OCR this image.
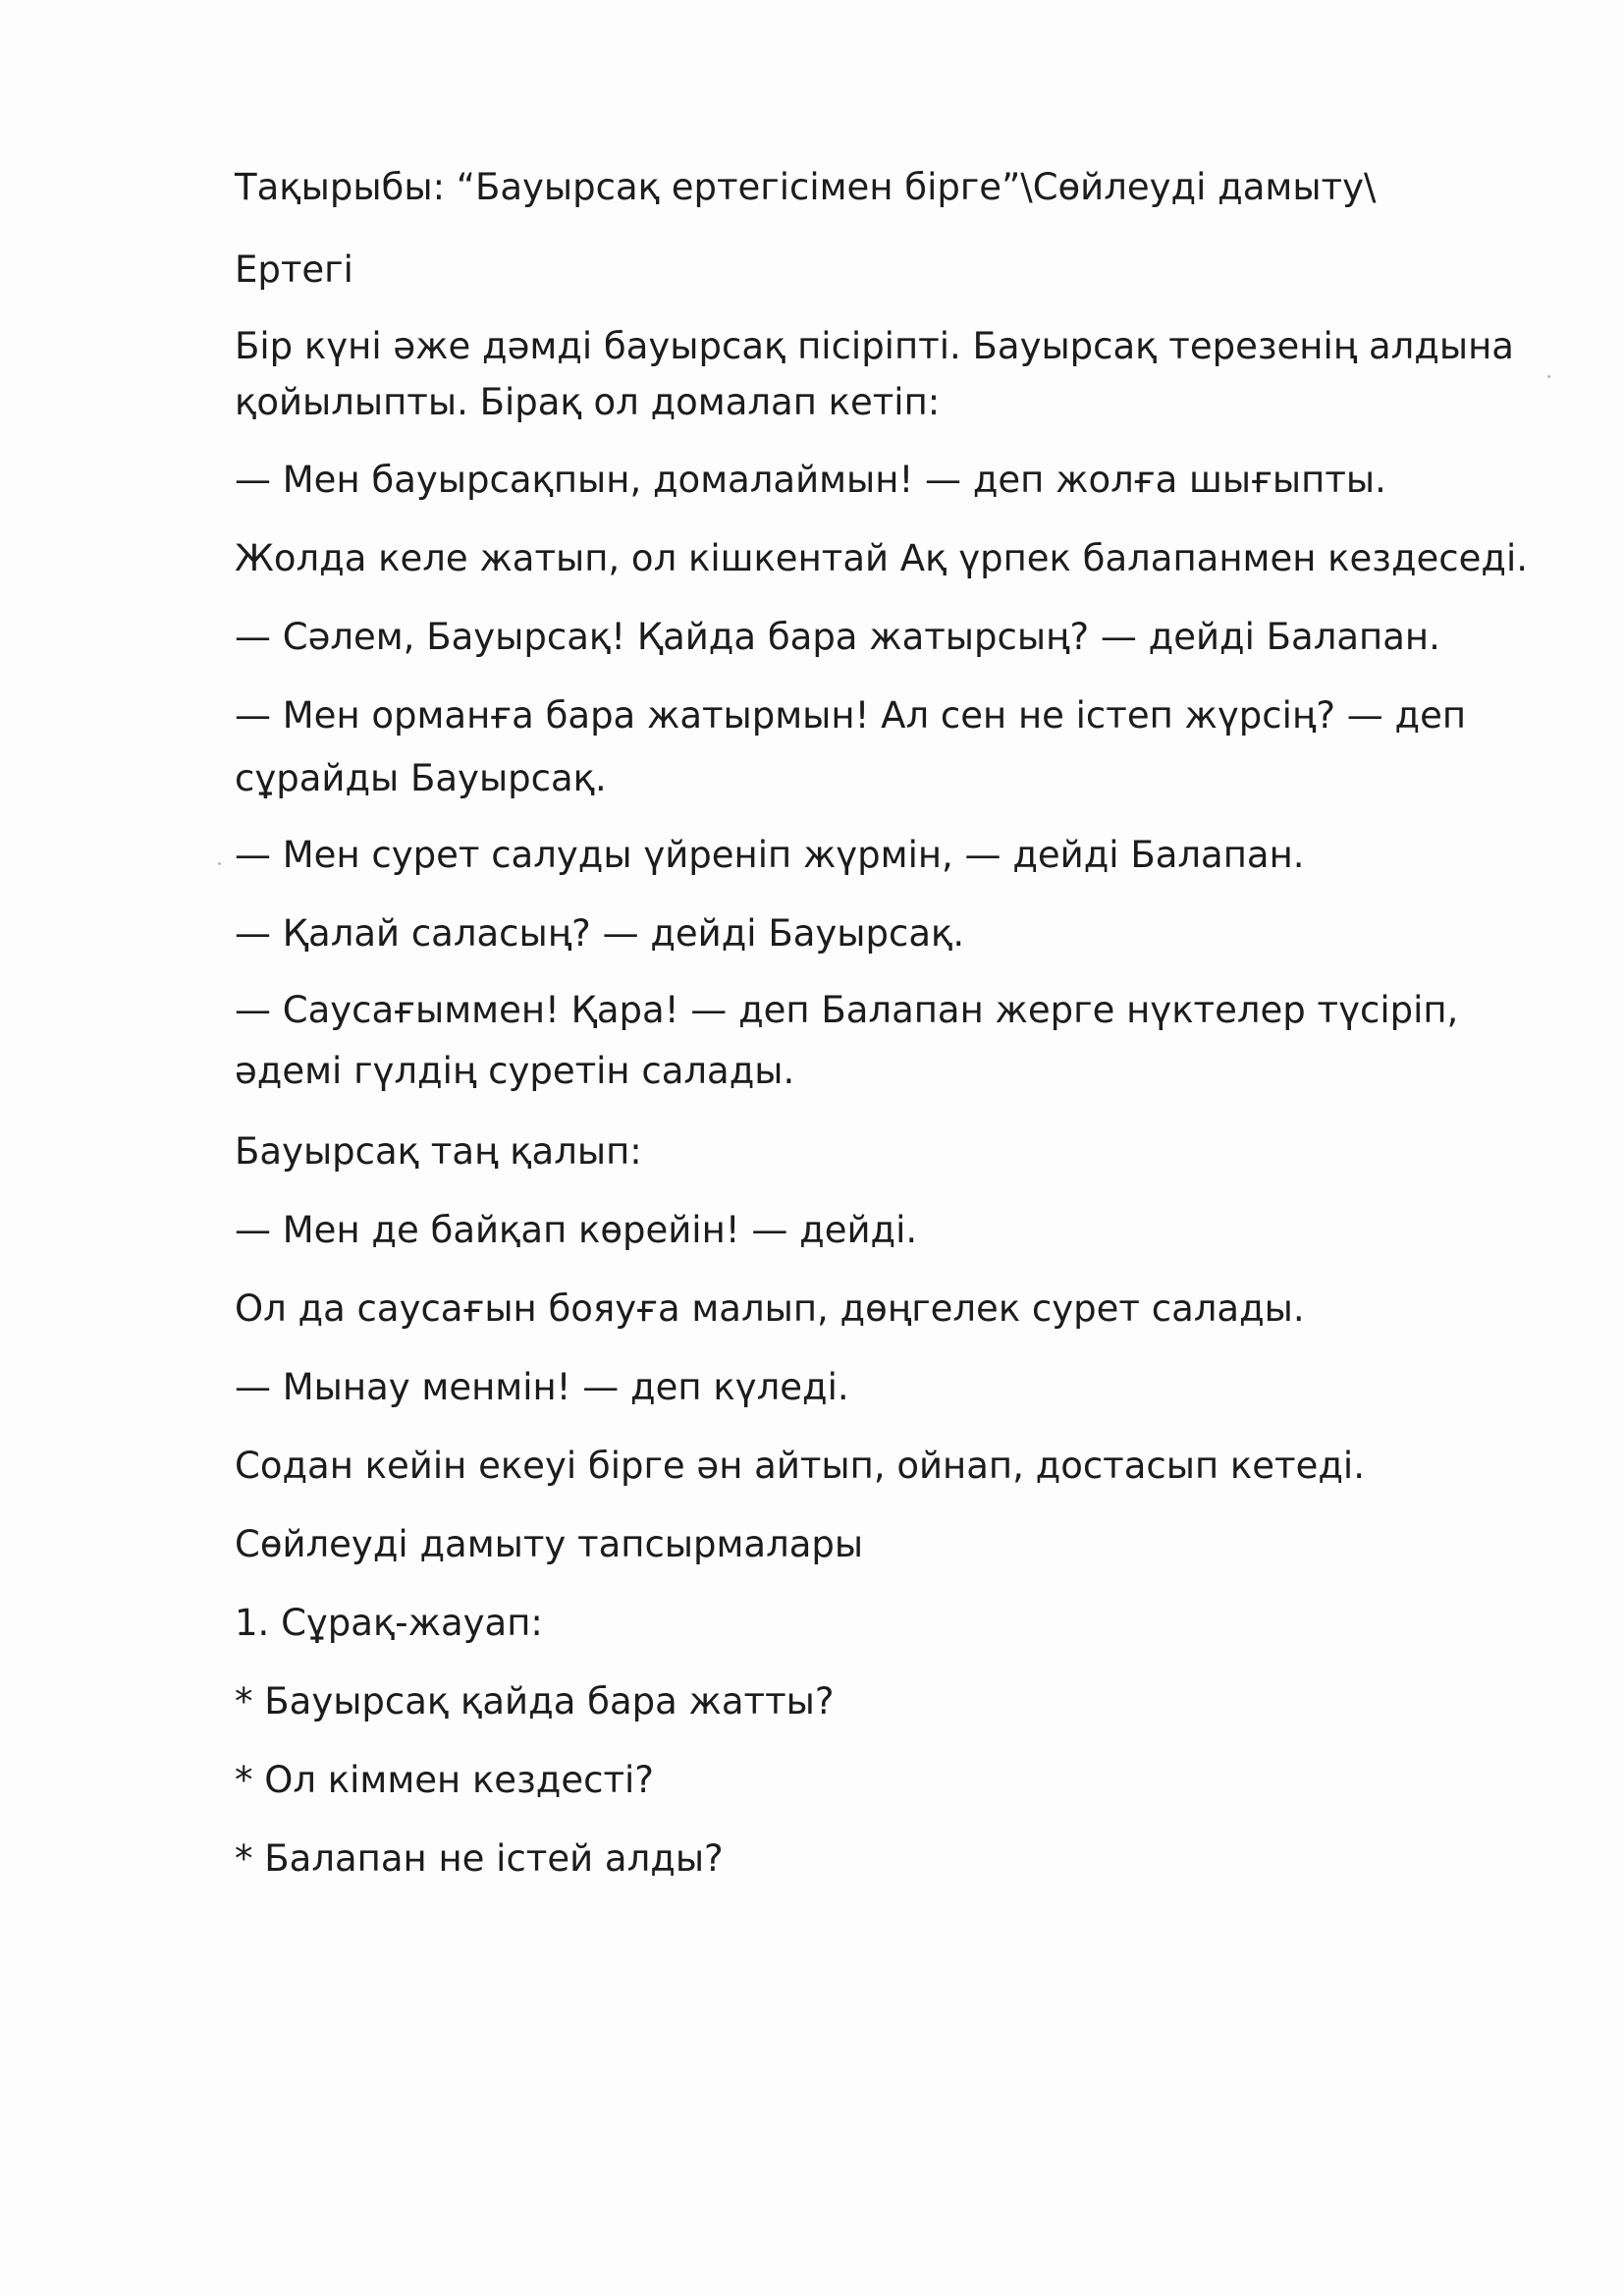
Тақырыбы: “Бауырсақ ертегісімен бірге”\Сөйлеуді дамыту\
Ертегі
Бір күні әже дәмді бауырсақ пісіріпті. Бауырсақ терезенің алдына
қойылыпты. Бірақ ол домалап кетіп:
— Мен бауырсақпын, домалаймын! — деп жолға шығыпты.
Жолда келе жатып, ол кішкентай Ақ үрпек балапанмен кездеседі.
— Сәлем, Бауырсақ! Қайда бара жатырсың? — дейді Балапан.
— Мен орманға бара жатырмын! Ал сен не істеп жүрсің? — деп
сұрайды Бауырсақ.
— Мен сурет салуды үйреніп жүрмін, — дейді Балапан.
— Қалай саласың? — дейді Бауырсақ.
— Саусағыммен! Қара! — деп Балапан жерге нүктелер түсіріп,
әдемі гүлдің суретін салады.
Бауырсақ таң қалып:
— Мен де байқап көрейін! — дейді.
Ол да саусағын бояуға малып, дөңгелек сурет салады.
— Мынау менмін! — деп күледі.
Содан кейін екеуі бірге ән айтып, ойнап, достасып кетеді.
Сөйлеуді дамыту тапсырмалары
1. Сұрақ-жауап:
* Бауырсақ қайда бара жатты?
* Ол кіммен кездесті?
* Балапан не істей алды?
